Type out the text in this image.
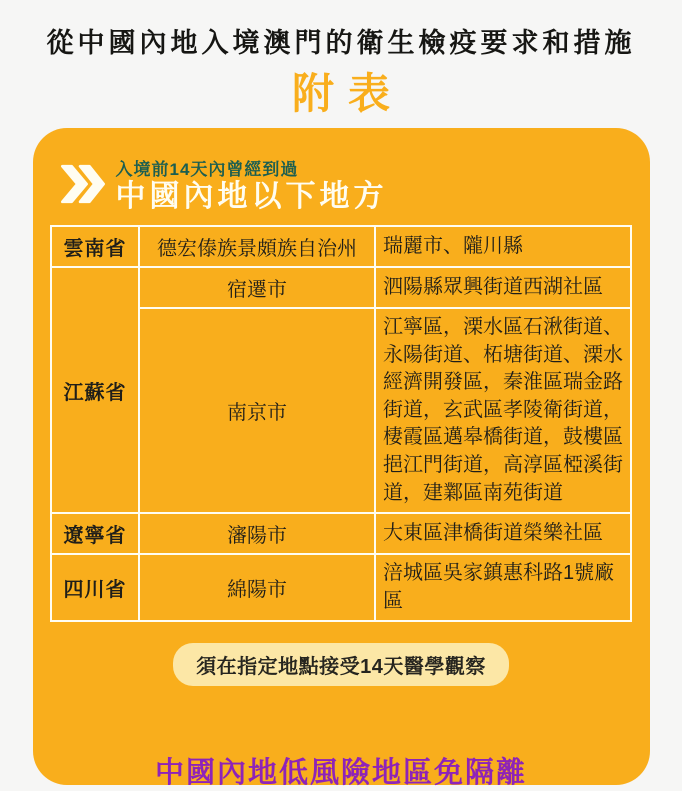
從中國內地入境澳門的衛生檢疫要求和措施
附表
入境前14天內曾經到過
中國內地以下地方
雲南省	德宏傣族景頗族自治州	瑞麗市、隴川縣
江蘇省	宿遷市	泗陽縣眾興街道西湖社區
	南京市	江寧區，溧水區石湫街道、永陽街道、柘塘街道、溧水經濟開發區，秦淮區瑞金路街道，玄武區孝陵衛街道，棲霞區邁皋橋街道，鼓樓區挹江門街道，高淳區椏溪街道，建鄴區南苑街道
遼寧省	瀋陽市	大東區津橋街道榮樂社區
四川省	綿陽市	涪城區吳家鎮惠科路1號廠區
須在指定地點接受14天醫學觀察
中國內地低風險地區免隔離
